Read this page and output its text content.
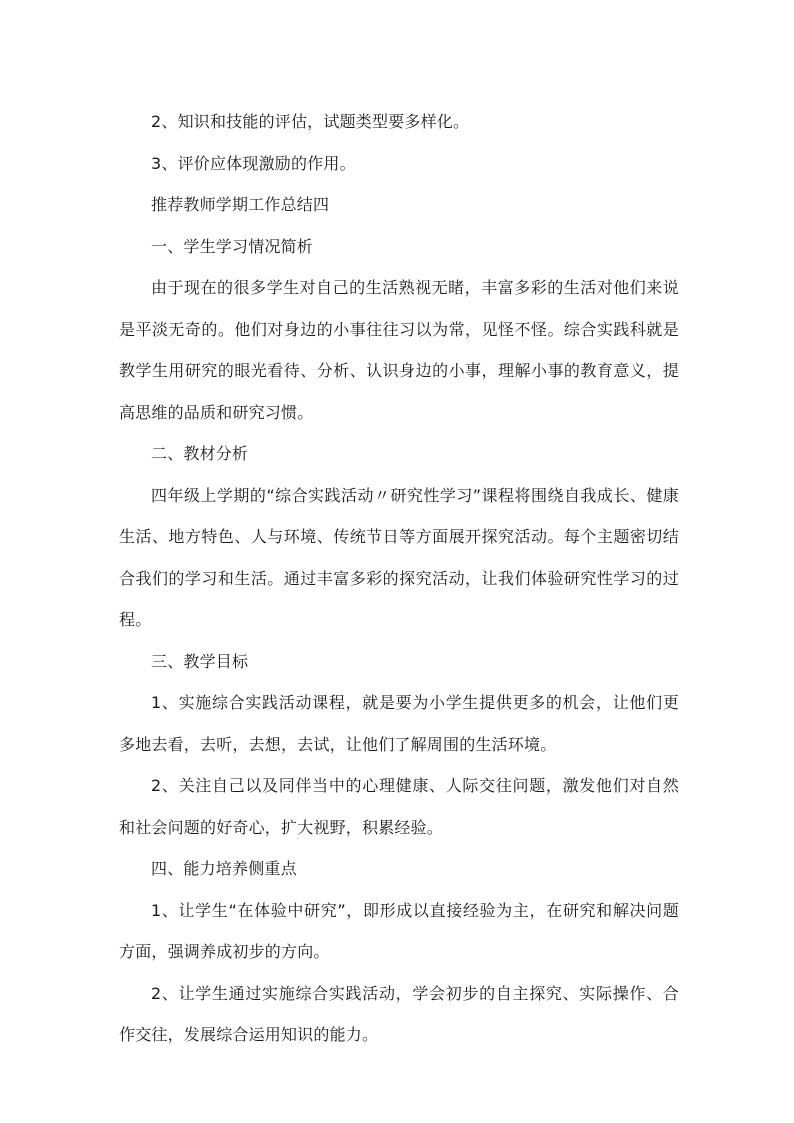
2、知识和技能的评估，试题类型要多样化。

3、评价应体现激励的作用。

推荐教师学期工作总结四

一、学生学习情况简析

由于现在的很多学生对自己的生活熟视无睹，丰富多彩的生活对他们来说是平淡无奇的。他们对身边的小事往往习以为常，见怪不怪。综合实践科就是教学生用研究的眼光看待、分析、认识身边的小事，理解小事的教育意义，提高思维的品质和研究习惯。

二、教材分析

四年级上学期的“综合实践活动〃研究性学习”课程将围绕自我成长、健康生活、地方特色、人与环境、传统节日等方面展开探究活动。每个主题密切结合我们的学习和生活。通过丰富多彩的探究活动，让我们体验研究性学习的过程。

三、教学目标

1、实施综合实践活动课程，就是要为小学生提供更多的机会，让他们更多地去看，去听，去想，去试，让他们了解周围的生活环境。

2、关注自己以及同伴当中的心理健康、人际交往问题，激发他们对自然和社会问题的好奇心，扩大视野，积累经验。

四、能力培养侧重点

1、让学生“在体验中研究”，即形成以直接经验为主，在研究和解决问题方面，强调养成初步的方向。

2、让学生通过实施综合实践活动，学会初步的自主探究、实际操作、合作交往，发展综合运用知识的能力。
